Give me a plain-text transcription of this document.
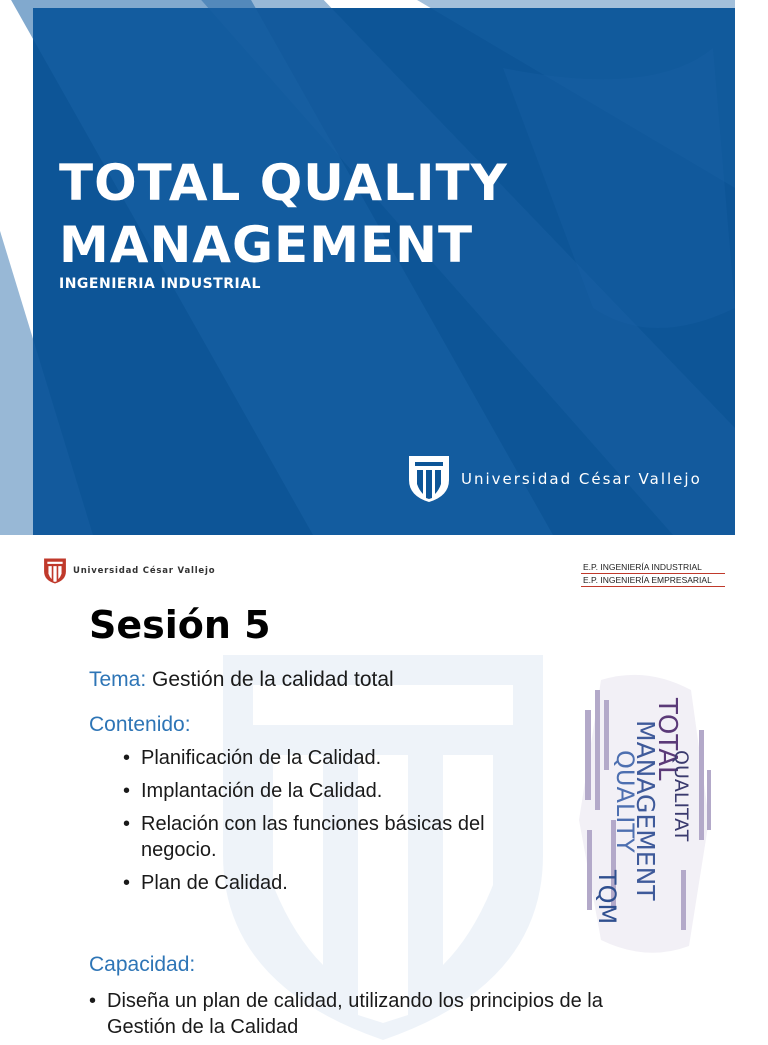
TOTAL QUALITY
MANAGEMENT
INGENIERIA INDUSTRIAL
Universidad César Vallejo
Universidad César Vallejo	E.P. INGENIERÍA INDUSTRIAL
E.P. INGENIERÍA EMPRESARIAL
Sesión 5
Tema: Gestión de la calidad total
Contenido:
• Planificación de la Calidad.
• Implantación de la Calidad.
• Relación con las funciones básicas del negocio.
• Plan de Calidad.
Capacidad:
• Diseña un plan de calidad, utilizando los principios de la Gestión de la Calidad
TOTAL
MANAGEMENT
QUALITY QUALITAT
TQM
